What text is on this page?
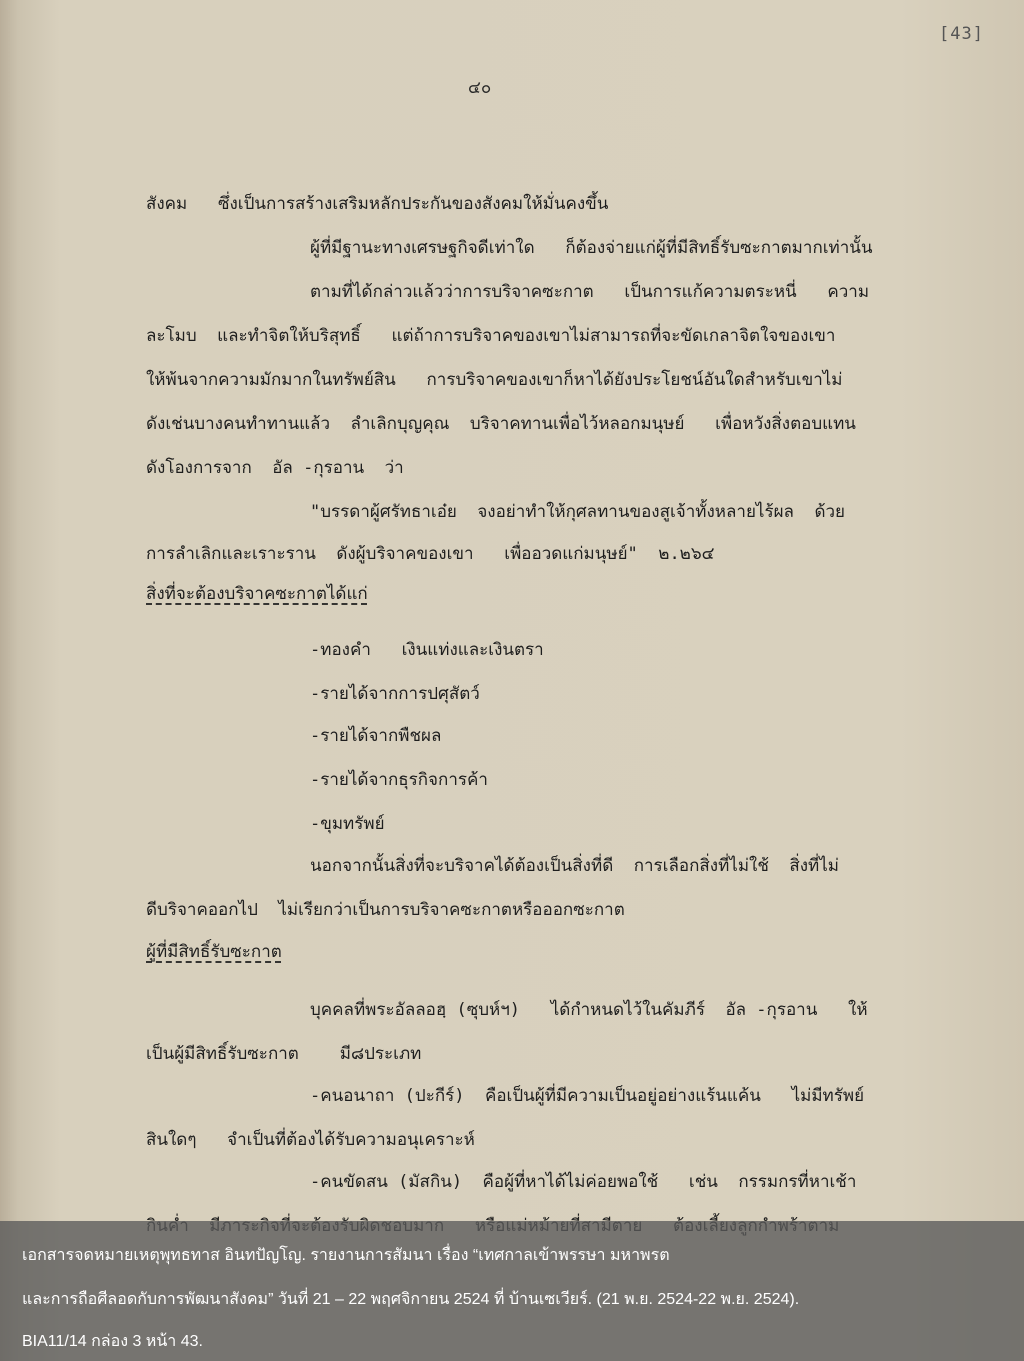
[43]
๔๐
สังคม   ซึ่งเป็นการสร้างเสริมหลักประกันของสังคมให้มั่นคงขึ้น
ผู้ที่มีฐานะทางเศรษฐกิจดีเท่าใด   ก็ต้องจ่ายแก่ผู้ที่มีสิทธิ์รับซะกาตมากเท่านั้น
ตามที่ได้กล่าวแล้วว่าการบริจาคซะกาต   เป็นการแก้ความตระหนี่   ความ
ละโมบ  และทำจิตให้บริสุทธิ์   แต่ถ้าการบริจาคของเขาไม่สามารถที่จะขัดเกลาจิตใจของเขา
ให้พ้นจากความมักมากในทรัพย์สิน   การบริจาคของเขาก็หาได้ยังประโยชน์อันใดสำหรับเขาไม่
ดังเช่นบางคนทำทานแล้ว  ลำเลิกบุญคุณ  บริจาคทานเพื่อไว้หลอกมนุษย์   เพื่อหวังสิ่งตอบแทน
ดังโองการจาก  อัล -กุรอาน  ว่า
"บรรดาผู้ศรัทธาเอ๋ย  จงอย่าทำให้กุศลทานของสูเจ้าทั้งหลายไร้ผล  ด้วย
การลำเลิกและเราะราน  ดังผู้บริจาคของเขา   เพื่ออวดแก่มนุษย์"  ๒.๒๖๔
สิ่งที่จะต้องบริจาคซะกาตได้แก่
-ทองคำ   เงินแท่งและเงินตรา
-รายได้จากการปศุสัตว์
-รายได้จากพืชผล
-รายได้จากธุรกิจการค้า
-ขุมทรัพย์
นอกจากนั้นสิ่งที่จะบริจาคได้ต้องเป็นสิ่งที่ดี  การเลือกสิ่งที่ไม่ใช้  สิ่งที่ไม่
ดีบริจาคออกไป  ไม่เรียกว่าเป็นการบริจาคซะกาตหรือออกซะกาต
ผู้ที่มีสิทธิ์รับซะกาต
บุคคลที่พระอัลลอฮฺ (ซุบห์ฯ)   ได้กำหนดไว้ในคัมภีร์  อัล -กุรอาน   ให้
เป็นผู้มีสิทธิ์รับซะกาต    มี๘ประเภท
-คนอนาถา (ปะกีร์)  คือเป็นผู้ที่มีความเป็นอยู่อย่างแร้นแค้น   ไม่มีทรัพย์
สินใดๆ   จำเป็นที่ต้องได้รับความอนุเคราะห์
-คนขัดสน (มัสกิน)  คือผู้ที่หาได้ไม่ค่อยพอใช้   เช่น  กรรมกรที่หาเช้า
เอกสารจดหมายเหตุพุทธทาส อินทปัญโญ. รายงานการสัมนา เรื่อง “เทศกาลเข้าพรรษา มหาพรต
และการถือศีลอดกับการพัฒนาสังคม” วันที่ 21 – 22 พฤศจิกายน 2524 ที่ บ้านเซเวียร์. (21 พ.ย. 2524-22 พ.ย. 2524).
BIA11/14 กล่อง 3 หน้า 43.
